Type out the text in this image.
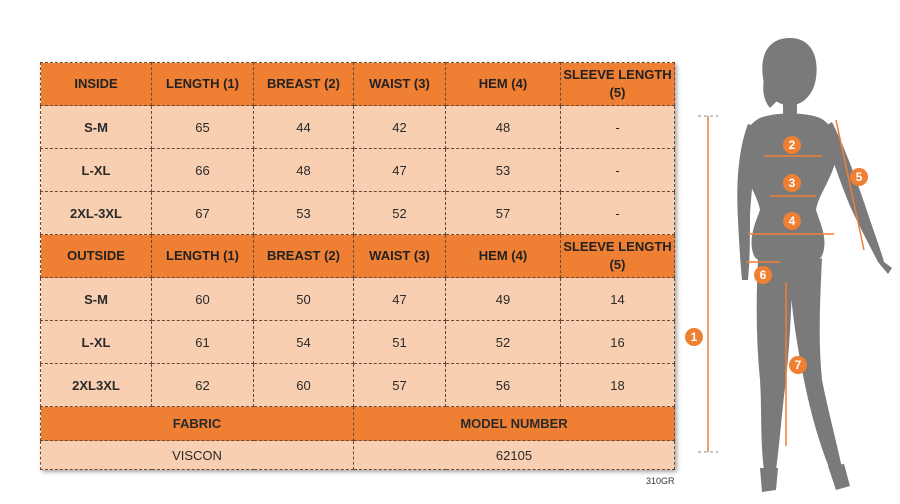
INSIDE	LENGTH (1)	BREAST (2)	WAIST (3)	HEM (4)	SLEEVE LENGTH (5)
S-M	65	44	42	48	-
L-XL	66	48	47	53	-
2XL-3XL	67	53	52	57	-
OUTSIDE	LENGTH (1)	BREAST (2)	WAIST (3)	HEM (4)	SLEEVE LENGTH (5)
S-M	60	50	47	49	14
L-XL	61	54	51	52	16
2XL3XL	62	60	57	56	18
FABRIC			MODEL NUMBER		
VISCON			62105		
310GR
1
2
3
4
5
6
7
